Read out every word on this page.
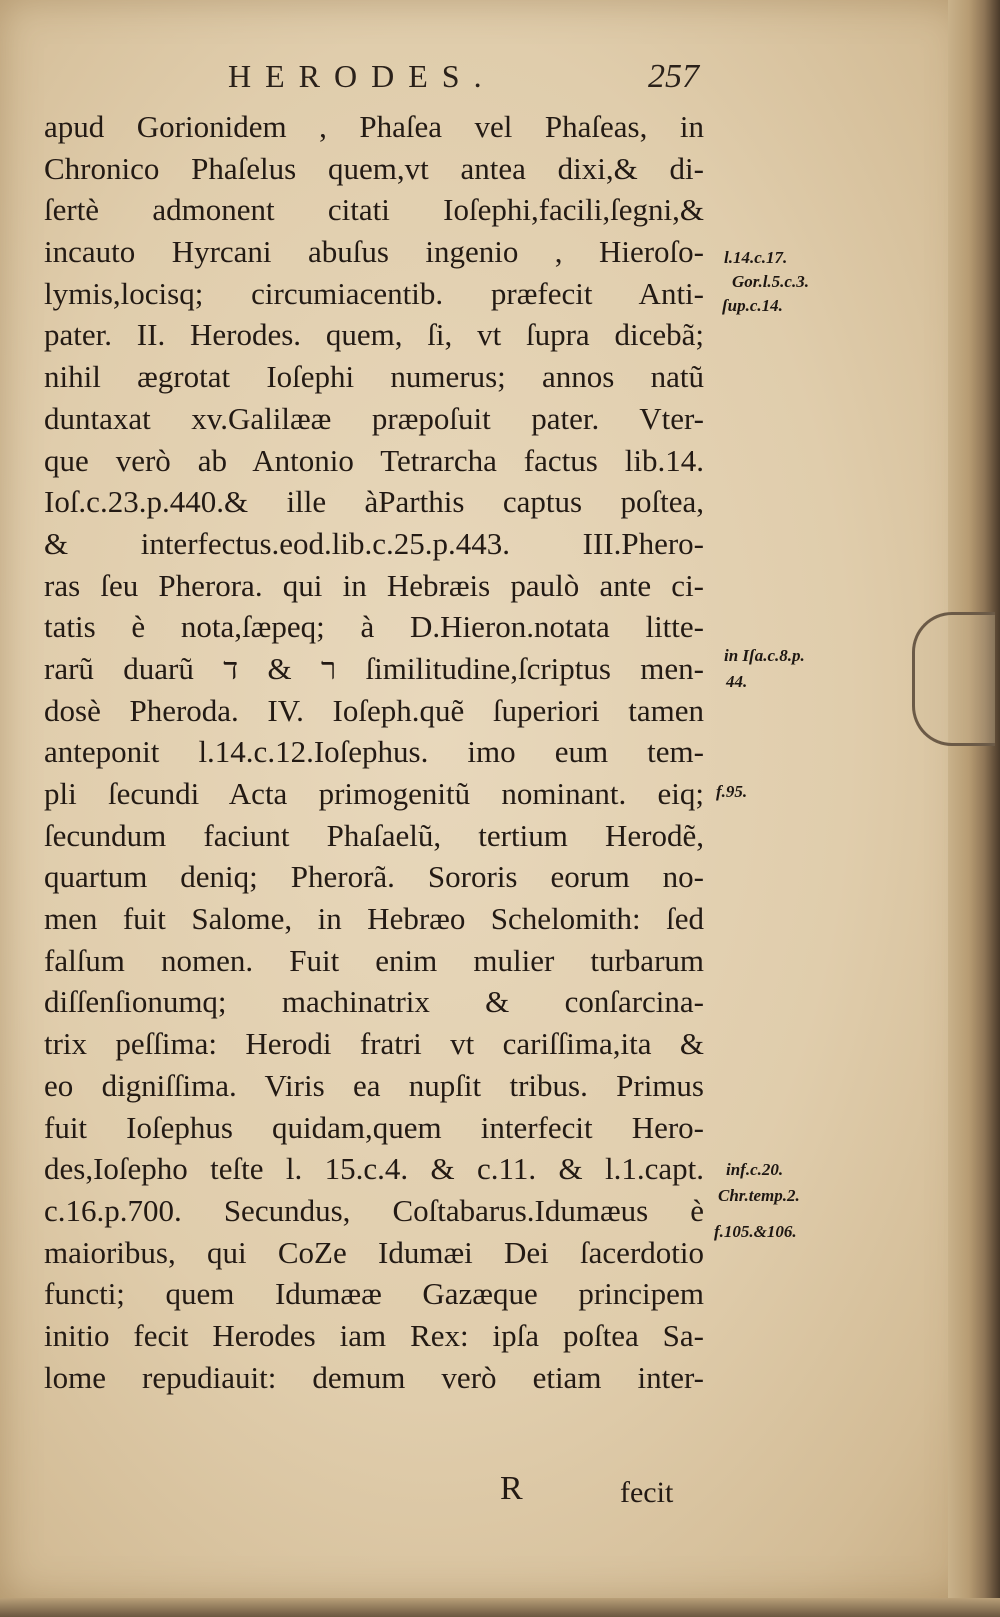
HERODES.	257
apud Gorionidem , Phaſea vel Phaſeas, in
Chronico Phaſelus quem,vt antea dixi,& di-
ſertè admonent citati Ioſephi,facili,ſegni,&
incauto Hyrcani abuſus ingenio , Hieroſo-
lymis,locisq; circumiacentib. præfecit Anti-
pater. II. Herodes. quem, ſi, vt ſupra dicebã;
nihil ægrotat Ioſephi numerus; annos natũ
duntaxat xv.Galilææ præpoſuit pater. Vter-
que verò ab Antonio Tetrarcha factus lib.14.
Ioſ.c.23.p.440.& ille àParthis captus poſtea,
& interfectus.eod.lib.c.25.p.443. III.Phero-
ras ſeu Pherora. qui in Hebræis paulò ante ci-
tatis è nota,ſæpeq; à D.Hieron.notata litte-
rarũ duarũ ר & ד ſimilitudine,ſcriptus men-
dosè Pheroda. IV. Ioſeph.quẽ ſuperiori tamen
anteponit l.14.c.12.Ioſephus. imo eum tem-
pli ſecundi Acta primogenitũ nominant. eiq;
ſecundum faciunt Phaſaelũ, tertium Herodẽ,
quartum deniq; Pherorã. Sororis eorum no-
men fuit Salome, in Hebræo Schelomith: ſed
falſum nomen. Fuit enim mulier turbarum
diſſenſionumq; machinatrix & conſarcina-
trix peſſima: Herodi fratri vt cariſſima,ita &
eo digniſſima. Viris ea nupſit tribus. Primus
fuit Ioſephus quidam,quem interfecit Hero-
des,Ioſepho teſte l. 15.c.4. & c.11. & l.1.capt.
c.16.p.700. Secundus, Coſtabarus.Idumæus è
maioribus, qui CoZe Idumæi Dei ſacerdotio
functi; quem Idumææ Gazæque principem
initio fecit Herodes iam Rex: ipſa poſtea Sa-
lome repudiauit: demum verò etiam inter-
R	fecit
l.14.c.17.
Gor.l.5.c.3.
ſup.c.14.
in Iſa.c.8.p.
44.
f.95.
inf.c.20.
Chr.temp.2.
f.105.&106.
